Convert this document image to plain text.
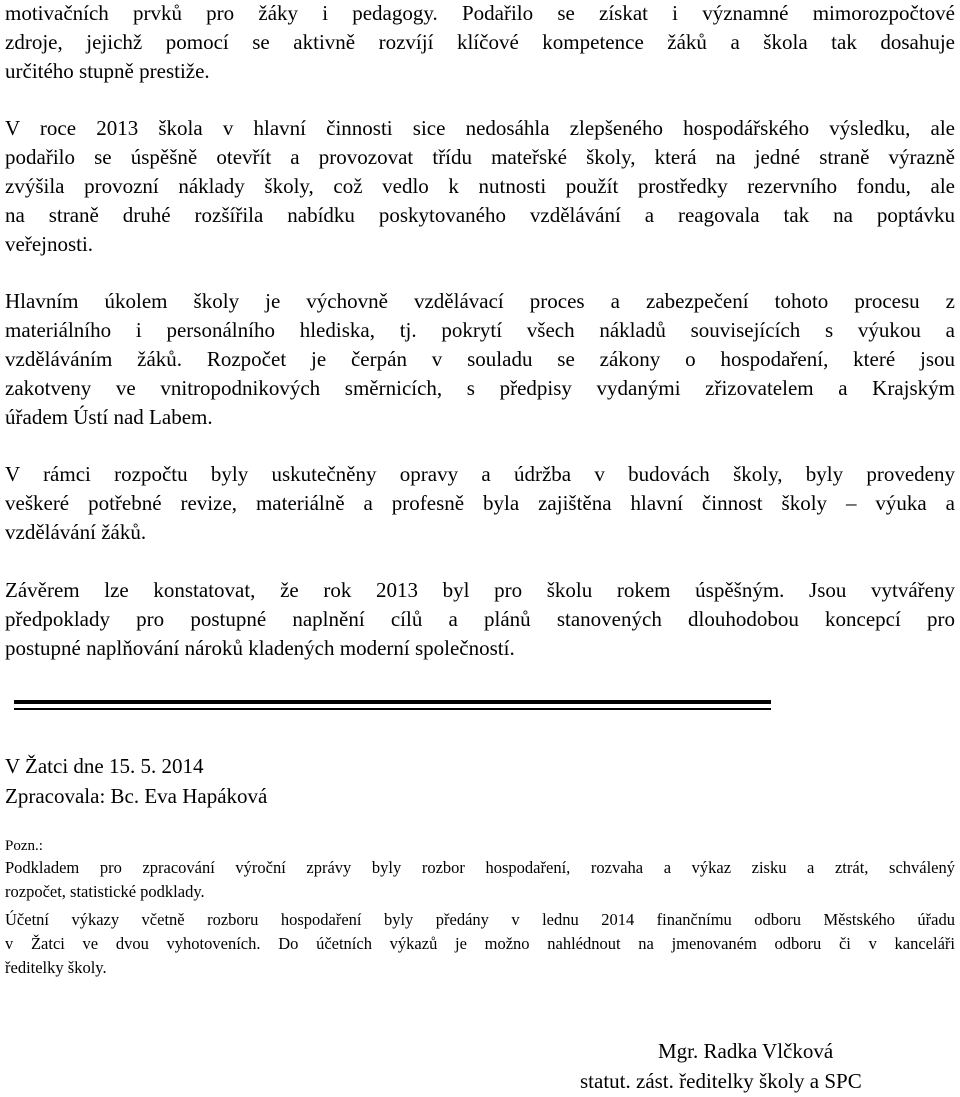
motivačních prvků pro žáky i pedagogy. Podařilo se získat i významné mimorozpočtové
zdroje, jejichž pomocí se aktivně rozvíjí klíčové kompetence žáků a škola tak dosahuje
určitého stupně prestiže.

V roce 2013 škola v hlavní činnosti sice nedosáhla zlepšeného hospodářského výsledku, ale
podařilo se úspěšně otevřít a provozovat třídu mateřské školy, která na jedné straně výrazně
zvýšila provozní náklady školy, což vedlo k nutnosti použít prostředky rezervního fondu, ale
na straně druhé rozšířila nabídku poskytovaného vzdělávání a reagovala tak na poptávku
veřejnosti.

Hlavním úkolem školy je výchovně vzdělávací proces a zabezpečení tohoto procesu z
materiálního i personálního hlediska, tj. pokrytí všech nákladů souvisejících s výukou a
vzděláváním žáků. Rozpočet je čerpán v souladu se zákony o hospodaření, které jsou
zakotveny ve vnitropodnikových směrnicích, s předpisy vydanými zřizovatelem a Krajským
úřadem Ústí nad Labem.

V rámci rozpočtu byly uskutečněny opravy a údržba v budovách školy, byly provedeny
veškeré potřebné revize, materiálně a profesně byla zajištěna hlavní činnost školy – výuka a
vzdělávání žáků.

Závěrem lze konstatovat, že rok 2013 byl pro školu rokem úspěšným. Jsou vytvářeny
předpoklady pro postupné naplnění cílů a plánů stanovených dlouhodobou koncepcí pro
postupné naplňování nároků kladených moderní společností.

V Žatci dne 15. 5. 2014
Zpracovala: Bc. Eva Hapáková
Pozn.:
Podkladem pro zpracování výroční zprávy byly rozbor hospodaření, rozvaha a výkaz zisku a ztrát, schválený
rozpočet, statistické podklady.
Účetní výkazy včetně rozboru hospodaření byly předány v lednu 2014 finančnímu odboru Městského úřadu
v Žatci ve dvou vyhotoveních. Do účetních výkazů je možno nahlédnout na jmenovaném odboru či v kanceláři
ředitelky školy.
Mgr. Radka Vlčková
statut. zást. ředitelky školy a SPC
